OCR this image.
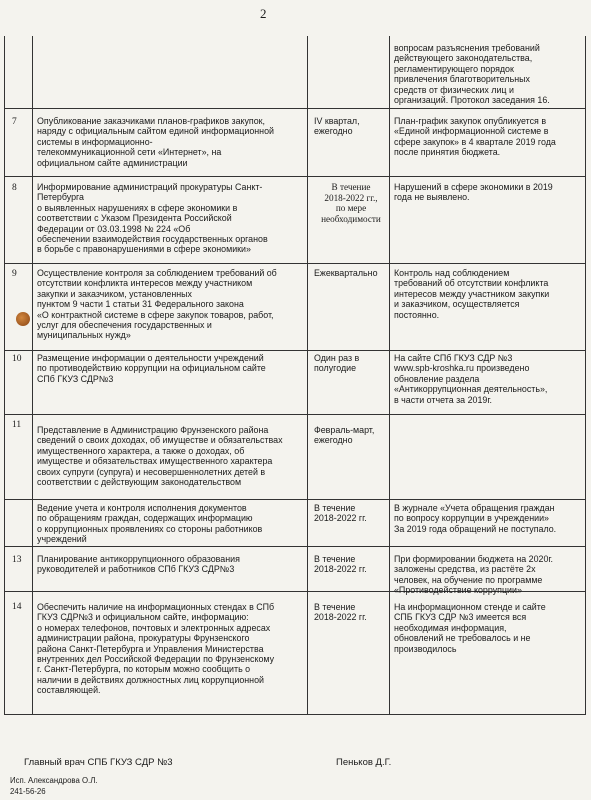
2
вопросам разъяснения требований
действующего законодательства,
регламентирующего порядок
привлечения благотворительных
средств от физических лиц и
организаций. Протокол заседания 16.
7 Опубликование заказчиками планов-графиков закупок,
наряду с официальным сайтом единой информационной
системы в информационно-
телекоммуникационной сети «Интернет», на
официальном сайте администрации
IV квартал,
ежегодно
План-график закупок опубликуется в
«Единой информационной системе в
сфере закупок» в 4 квартале 2019 года
после принятия бюджета.
8 Информирование администраций прокуратуры Санкт-
Петербурга
о выявленных нарушениях в сфере экономики в
соответствии с Указом Президента Российской
Федерации от 03.03.1998 № 224 «Об
обеспечении взаимодействия государственных органов
в борьбе с правонарушениями в сфере экономики»
В течение
2018-2022 гг.,
по мере
необходимости
Нарушений в сфере экономики в 2019
года не выявлено.
9 Осуществление контроля за соблюдением требований об
отсутствии конфликта интересов между участником
закупки и заказчиком, установленных
пунктом 9 части 1 статьи 31 Федерального закона
«О контрактной системе в сфере закупок товаров, работ,
услуг для обеспечения государственных и
муниципальных нужд»
Ежеквартально	Контроль над соблюдением
требований об отсутствии конфликта
интересов между участником закупки
и заказчиком, осуществляется
постоянно.
10 Размещение информации о деятельности учреждений
по противодействию коррупции на официальном сайте
СПб ГКУЗ СДР№3
Один раз в
полугодие
На сайте СПб ГКУЗ СДР №3
www.spb-kroshka.ru произведено
обновление раздела
«Антикоррупционная деятельность»,
в части отчета за 2019г.
11 Представление в Администрацию Фрунзенского района
сведений о своих доходах, об имуществе и обязательствах
имущественного характера, а также о доходах, об
имуществе и обязательствах имущественного характера
своих супруги (супруга) и несовершеннолетних детей в
соответствии с действующим законодательством
Февраль-март,
ежегодно
Ведение учета и контроля исполнения документов
по обращениям граждан, содержащих информацию
о коррупционных проявлениях со стороны работников
учреждений
В течение
2018-2022 гг.
В журнале «Учета обращения граждан
по вопросу коррупции в учреждении»
За 2019 года обращений не поступало.
13 Планирование антикоррупционного образования
руководителей и работников СПб ГКУЗ СДР№3
В течение
2018-2022 гг.
При формировании бюджета на 2020г.
заложены средства, из растёте 2х
человек, на обучение по программе
«Противодействие коррупции»
14 Обеспечить наличие на информационных стендах в СПб
ГКУЗ СДР№3 и официальном сайте, информацию:
о номерах телефонов, почтовых и электронных адресах
администрации района, прокуратуры Фрунзенского
района Санкт-Петербурга и Управления Министерства
внутренних дел Российской Федерации по Фрунзенскому
г. Санкт-Петербурга, по которым можно сообщить о
наличии в действиях должностных лиц коррупционной
составляющей.
В течение
2018-2022 гг.
На информационном стенде и сайте
СПБ ГКУЗ СДР №3 имеется вся
необходимая информация,
обновлений не требовалось и не
производилось
Главный врач СПБ ГКУЗ СДР №3	Пеньков Д.Г.
Исп. Александрова О.Л.
241-56-26
